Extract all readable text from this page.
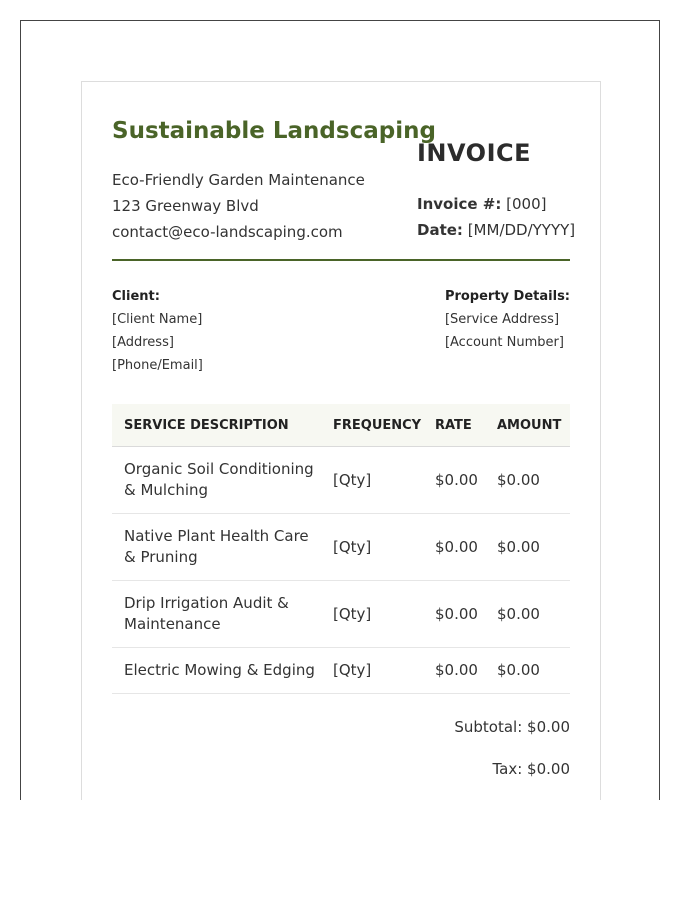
Sustainable Landscaping
Eco-Friendly Garden Maintenance
123 Greenway Blvd
contact@eco-landscaping.com
INVOICE
Invoice #: [000]
Date: [MM/DD/YYYY]
Client:
[Client Name]
[Address]
[Phone/Email]
Property Details:
[Service Address]
[Account Number]
SERVICE DESCRIPTION	FREQUENCY	RATE	AMOUNT
Organic Soil Conditioning & Mulching	[Qty]	$0.00	$0.00
Native Plant Health Care & Pruning	[Qty]	$0.00	$0.00
Drip Irrigation Audit & Maintenance	[Qty]	$0.00	$0.00
Electric Mowing & Edging	[Qty]	$0.00	$0.00
Subtotal: $0.00
Tax: $0.00
